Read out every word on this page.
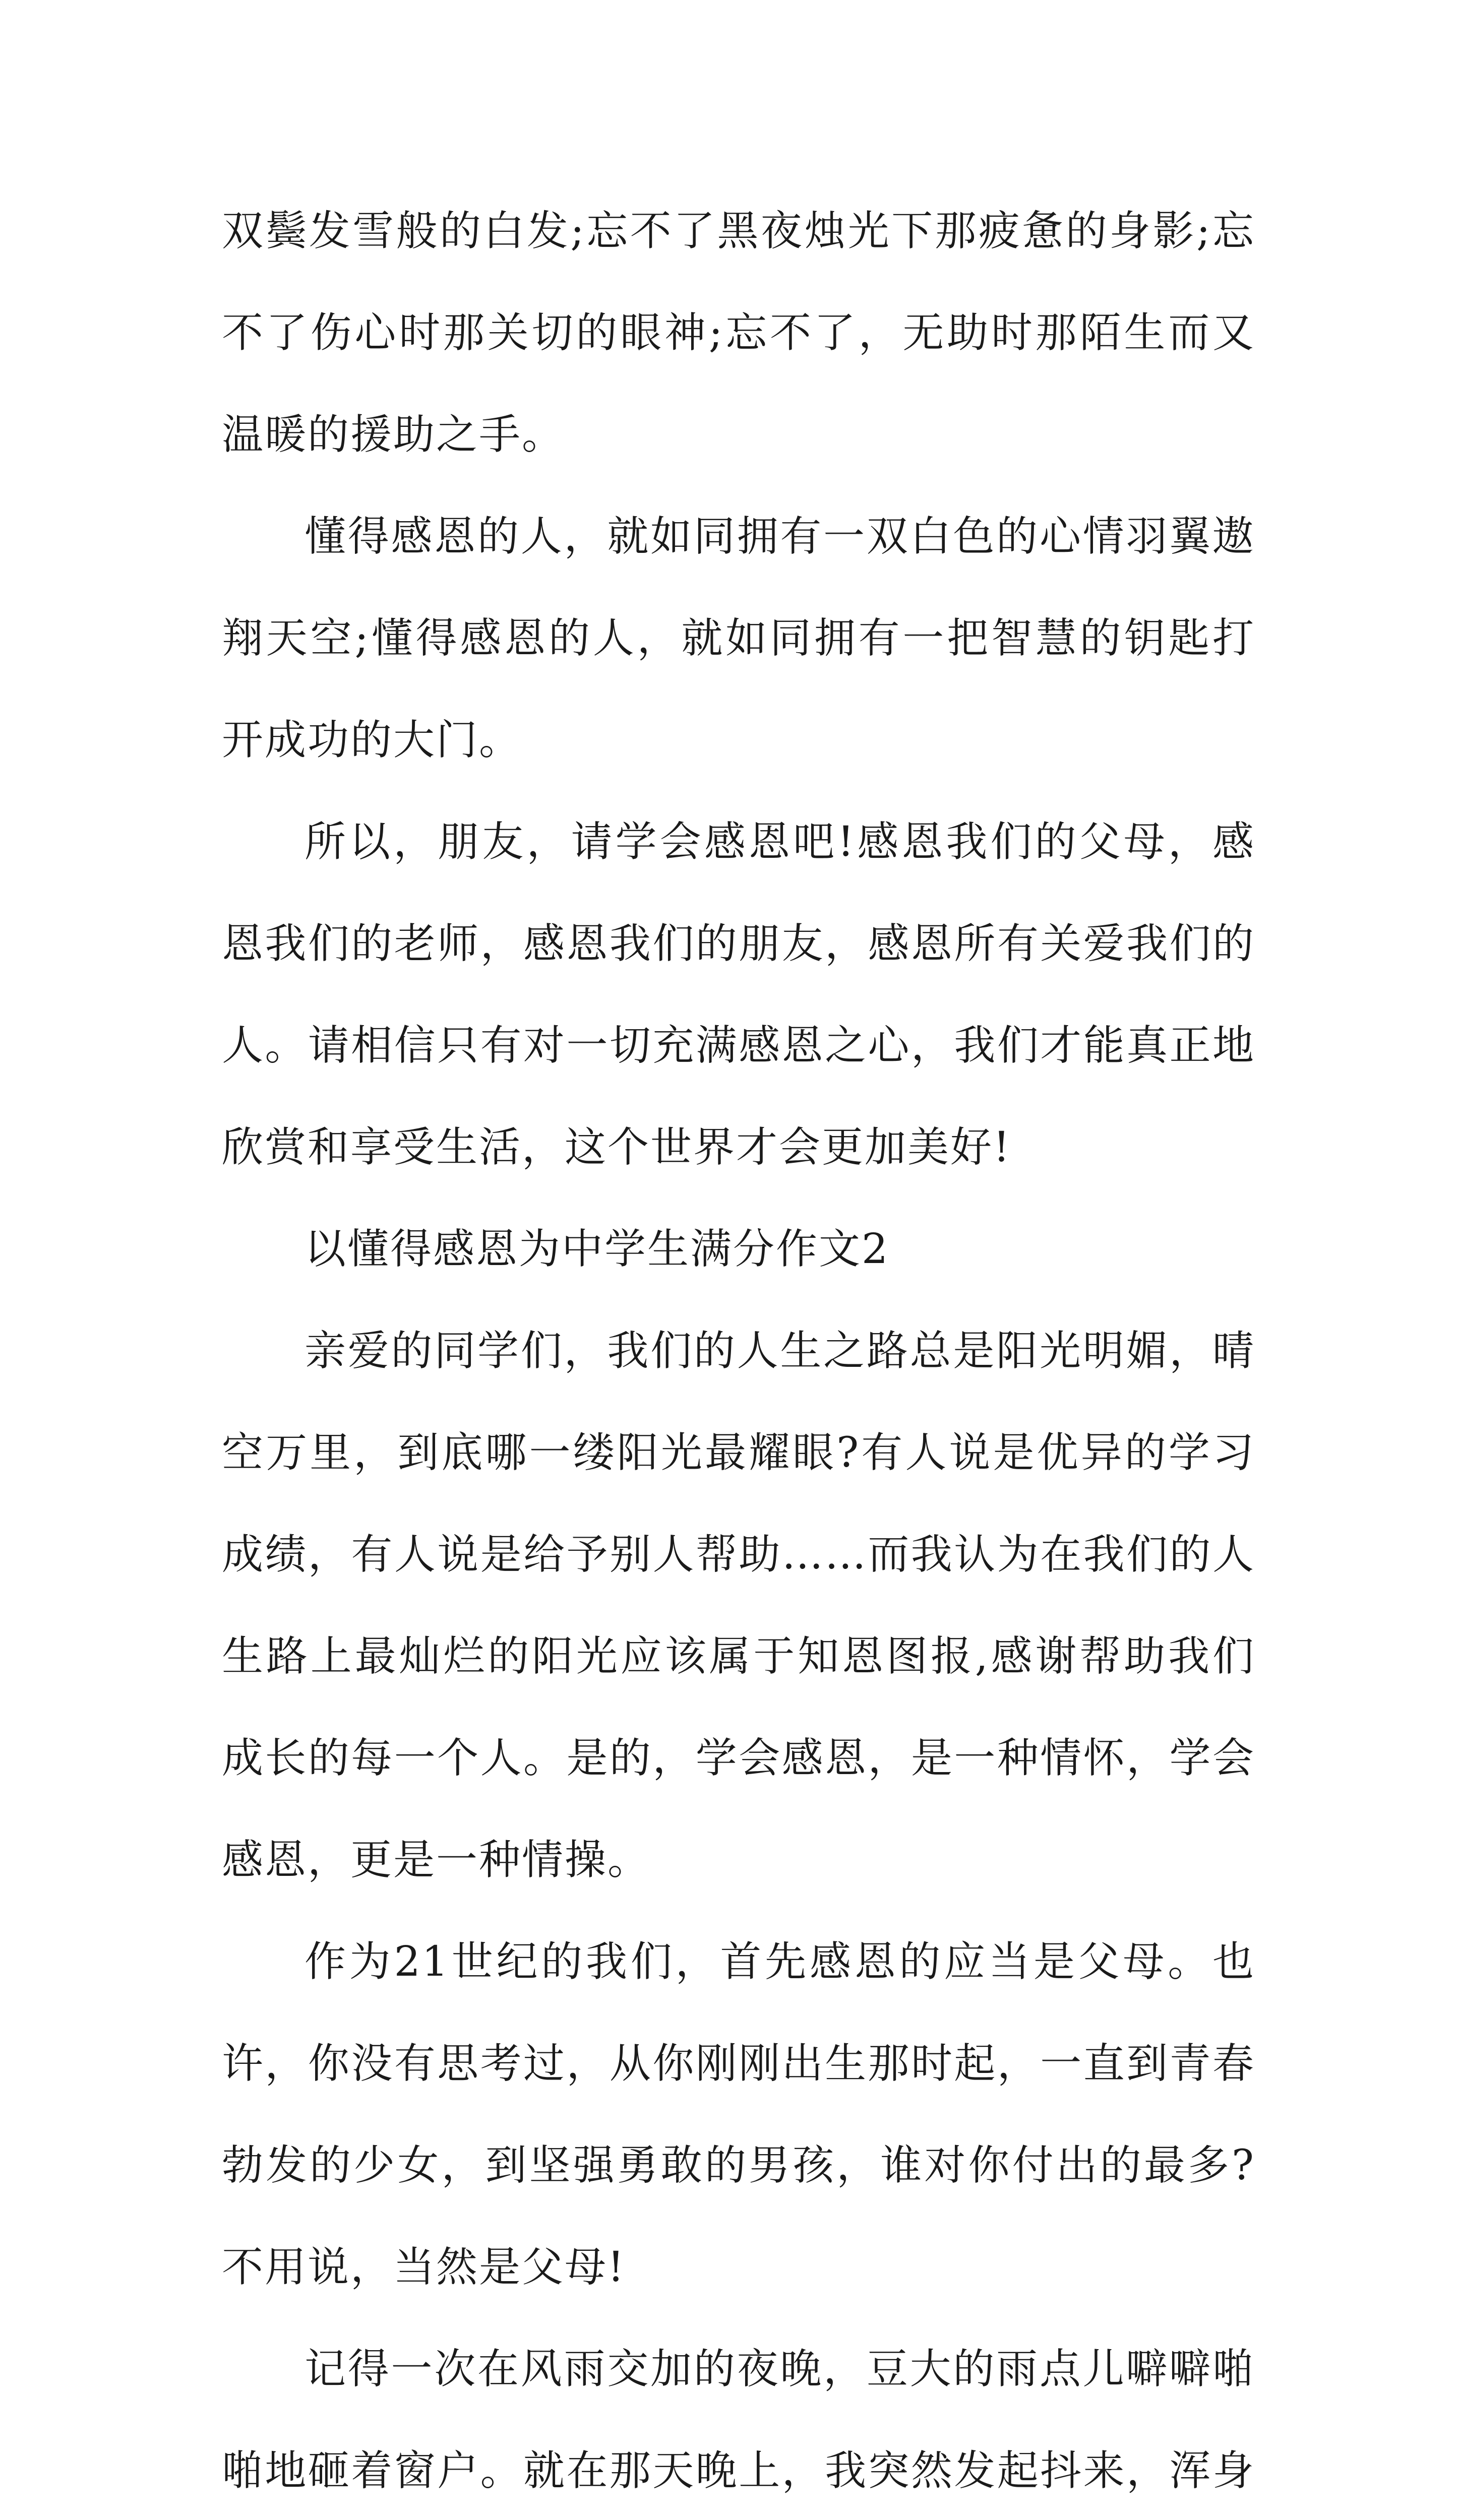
双鬓发雪般的白发;忘不了黑夜烛光下那疲惫的身影;忘不了伤心时那关切的眼神;忘不了，无助时那陌生而又温暖的援助之手。

懂得感恩的人，就如同拥有一双白色的心情羽翼遨翔天空;懂得感恩的人，就如同拥有一把智慧的钥匙打开成功的大门。

所以，朋友，请学会感恩吧!感恩我们的父母，感恩我们的老师，感恩我们的朋友，感恩所有关爱我们的人。请相信只有对一切充满感恩之心，我们才能真正地欣赏和享受生活，这个世界才会更加美好!

以懂得感恩为中学生满分作文2

亲爱的同学们，我们的人生之路总是阳光明媚，晴空万里，到底哪一缕阳光最耀眼?有人说是优异的学习成绩，有人说是给予别人帮助……而我认为在我们的人生路上最灿烂的阳光应该属于知恩图报,感谢帮助我们成长的每一个人。是的，学会感恩，是一种情怀，学会感恩，更是一种情操。

作为21世纪的我们，首先感恩的应当是父母。也许，你没有思考过，从你刚刚出生那时起，一直到青春勃发的少女，到坚强勇敢的男孩，谁对你付出的最多?不用说，当然是父母!

记得一次在风雨交加的夜晚，豆大的雨点儿噼噼啪啪地砸着窗户。就在那天晚上，我突然发起抖来，浑身
